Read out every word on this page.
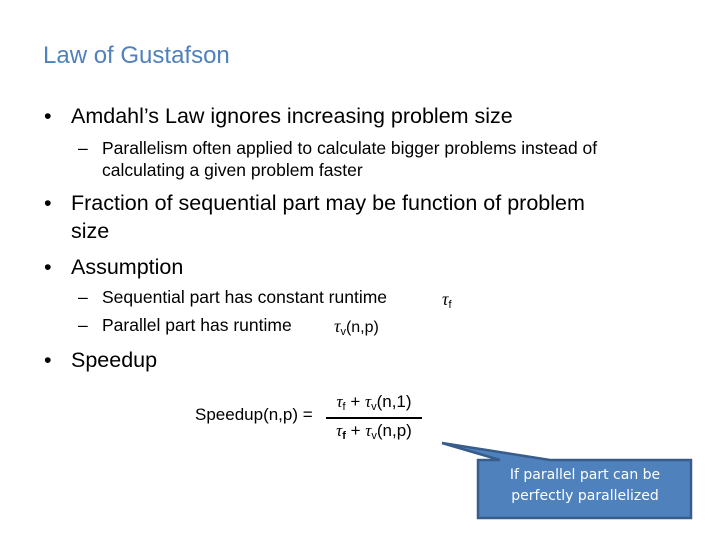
Law of Gustafson
• Amdahl’s Law ignores increasing problem size
– Parallelism often applied to calculate bigger problems instead of
calculating a given problem faster
• Fraction of sequential part may be function of problem
size
• Assumption
– Sequential part has constant runtime	$\tau_f$
– Parallel part has runtime $\tau_v(n,p)$
• Speedup
Speedup(n,p) =
$\tau_f + \tau_v(n,1)$
$\tau_f + \tau_v(n,p)$
If parallel part can be
perfectly parallelized
